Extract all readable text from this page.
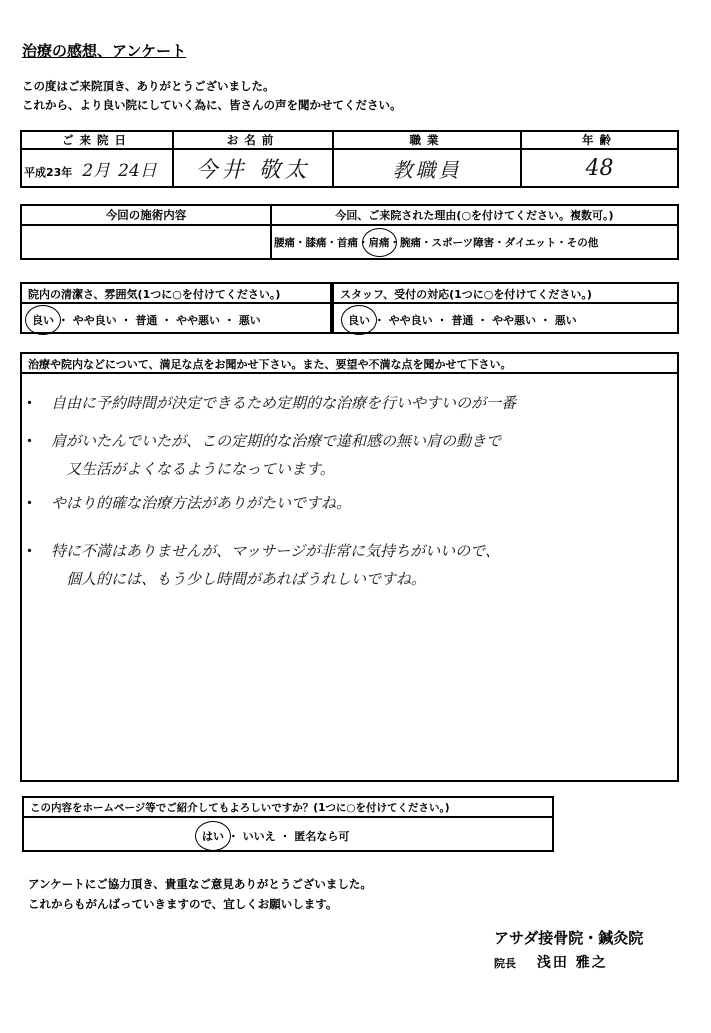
治療の感想、アンケート
この度はご来院頂き、ありがとうございました。
これから、より良い院にしていく為に、皆さんの声を聞かせてください。
ご来院日	お名前	職業	年齢
平成23年 2月 24日	今井 敬太	教職員	48
今回の施術内容	今回、ご来院された理由(○を付けてください。複数可。)
	腰痛・膝痛・首痛・肩痛・腕痛・スポーツ障害・ダイエット・その他
院内の清潔さ、雰囲気(1つに○を付けてください。)
良い ・ やや良い ・ 普通 ・ やや悪い ・ 悪い
スタッフ、受付の対応(1つに○を付けてください。)
良い ・ やや良い ・ 普通 ・ やや悪い ・ 悪い
治療や院内などについて、満足な点をお聞かせ下さい。また、要望や不満な点を聞かせて下さい。
・ 自由に予約時間が決定できるため定期的な治療を行いやすいのが一番
・ 肩がいたんでいたが、この定期的な治療で違和感の無い肩の動きで
又生活がよくなるようになっています。
・ やはり的確な治療方法がありがたいですね。
・ 特に不満はありませんが、マッサージが非常に気持ちがいいので、
個人的には、もう少し時間があればうれしいですね。
この内容をホームページ等でご紹介してもよろしいですか？(1つに○を付けてください。)
はい ・ いいえ ・ 匿名なら可
アンケートにご協力頂き、貴重なご意見ありがとうございました。
これからもがんばっていきますので、宜しくお願いします。
アサダ接骨院・鍼灸院
院長 浅田 雅之
